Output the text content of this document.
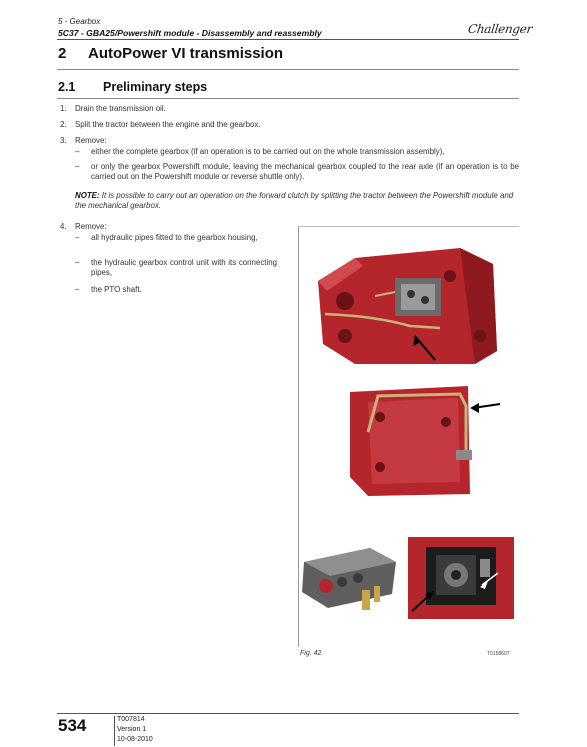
5 - Gearbox
5C37 - GBA25/Powershift module - Disassembly and reassembly	Challenger
2 AutoPower VI transmission
2.1 Preliminary steps
1. Drain the transmission oil.
2. Split the tractor between the engine and the gearbox.
3. Remove:
– either the complete gearbox (if an operation is to be carried out on the whole transmission assembly),
– or only the gearbox Powershift module, leaving the mechanical gearbox coupled to the rear axle (if an operation is to be carried out on the Powershift module or reverse shuttle only).
NOTE: It is possible to carry out an operation on the forward clutch by splitting the tractor between the Powershift module and the mechanical gearbox.
4. Remove:
– all hydraulic pipes fitted to the gearbox housing,
– the hydraulic gearbox control unit with its connecting pipes,
– the PTO shaft.
Fig. 42.	T0158607
534	T007814
Version 1
10-08-2010
